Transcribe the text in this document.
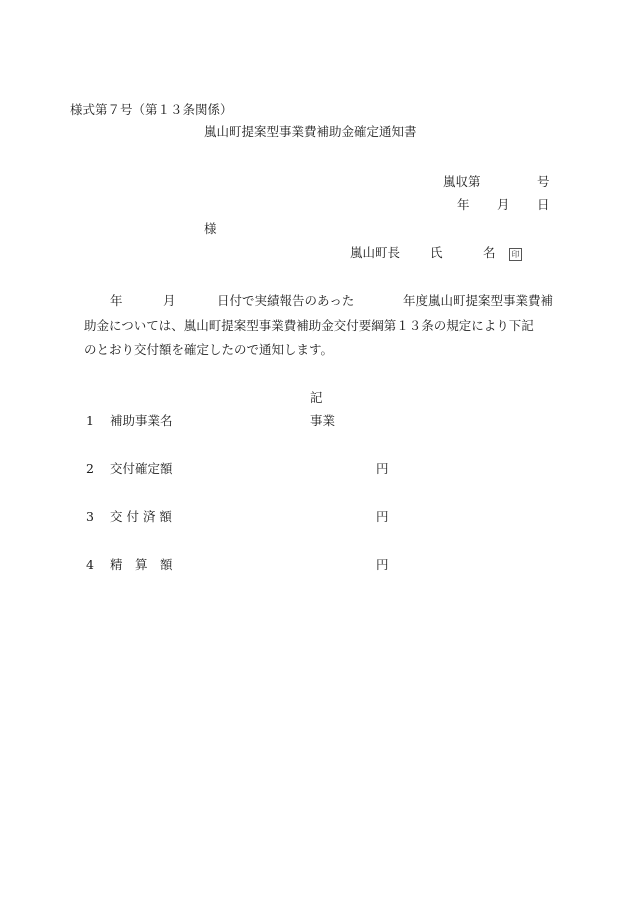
様式第７号（第１３条関係）
嵐山町提案型事業費補助金確定通知書
嵐収第	号
年 月 日
様
嵐山町長 氏	名	印
年	月	日付で実績報告のあった	年度嵐山町提案型事業費補
助金については、嵐山町提案型事業費補助金交付要綱第１３条の規定により下記
のとおり交付額を確定したので通知します。
記
1 補助事業名	事業
2 交付確定額	円
3 交 付 済 額	円
4 精　算　額	円
